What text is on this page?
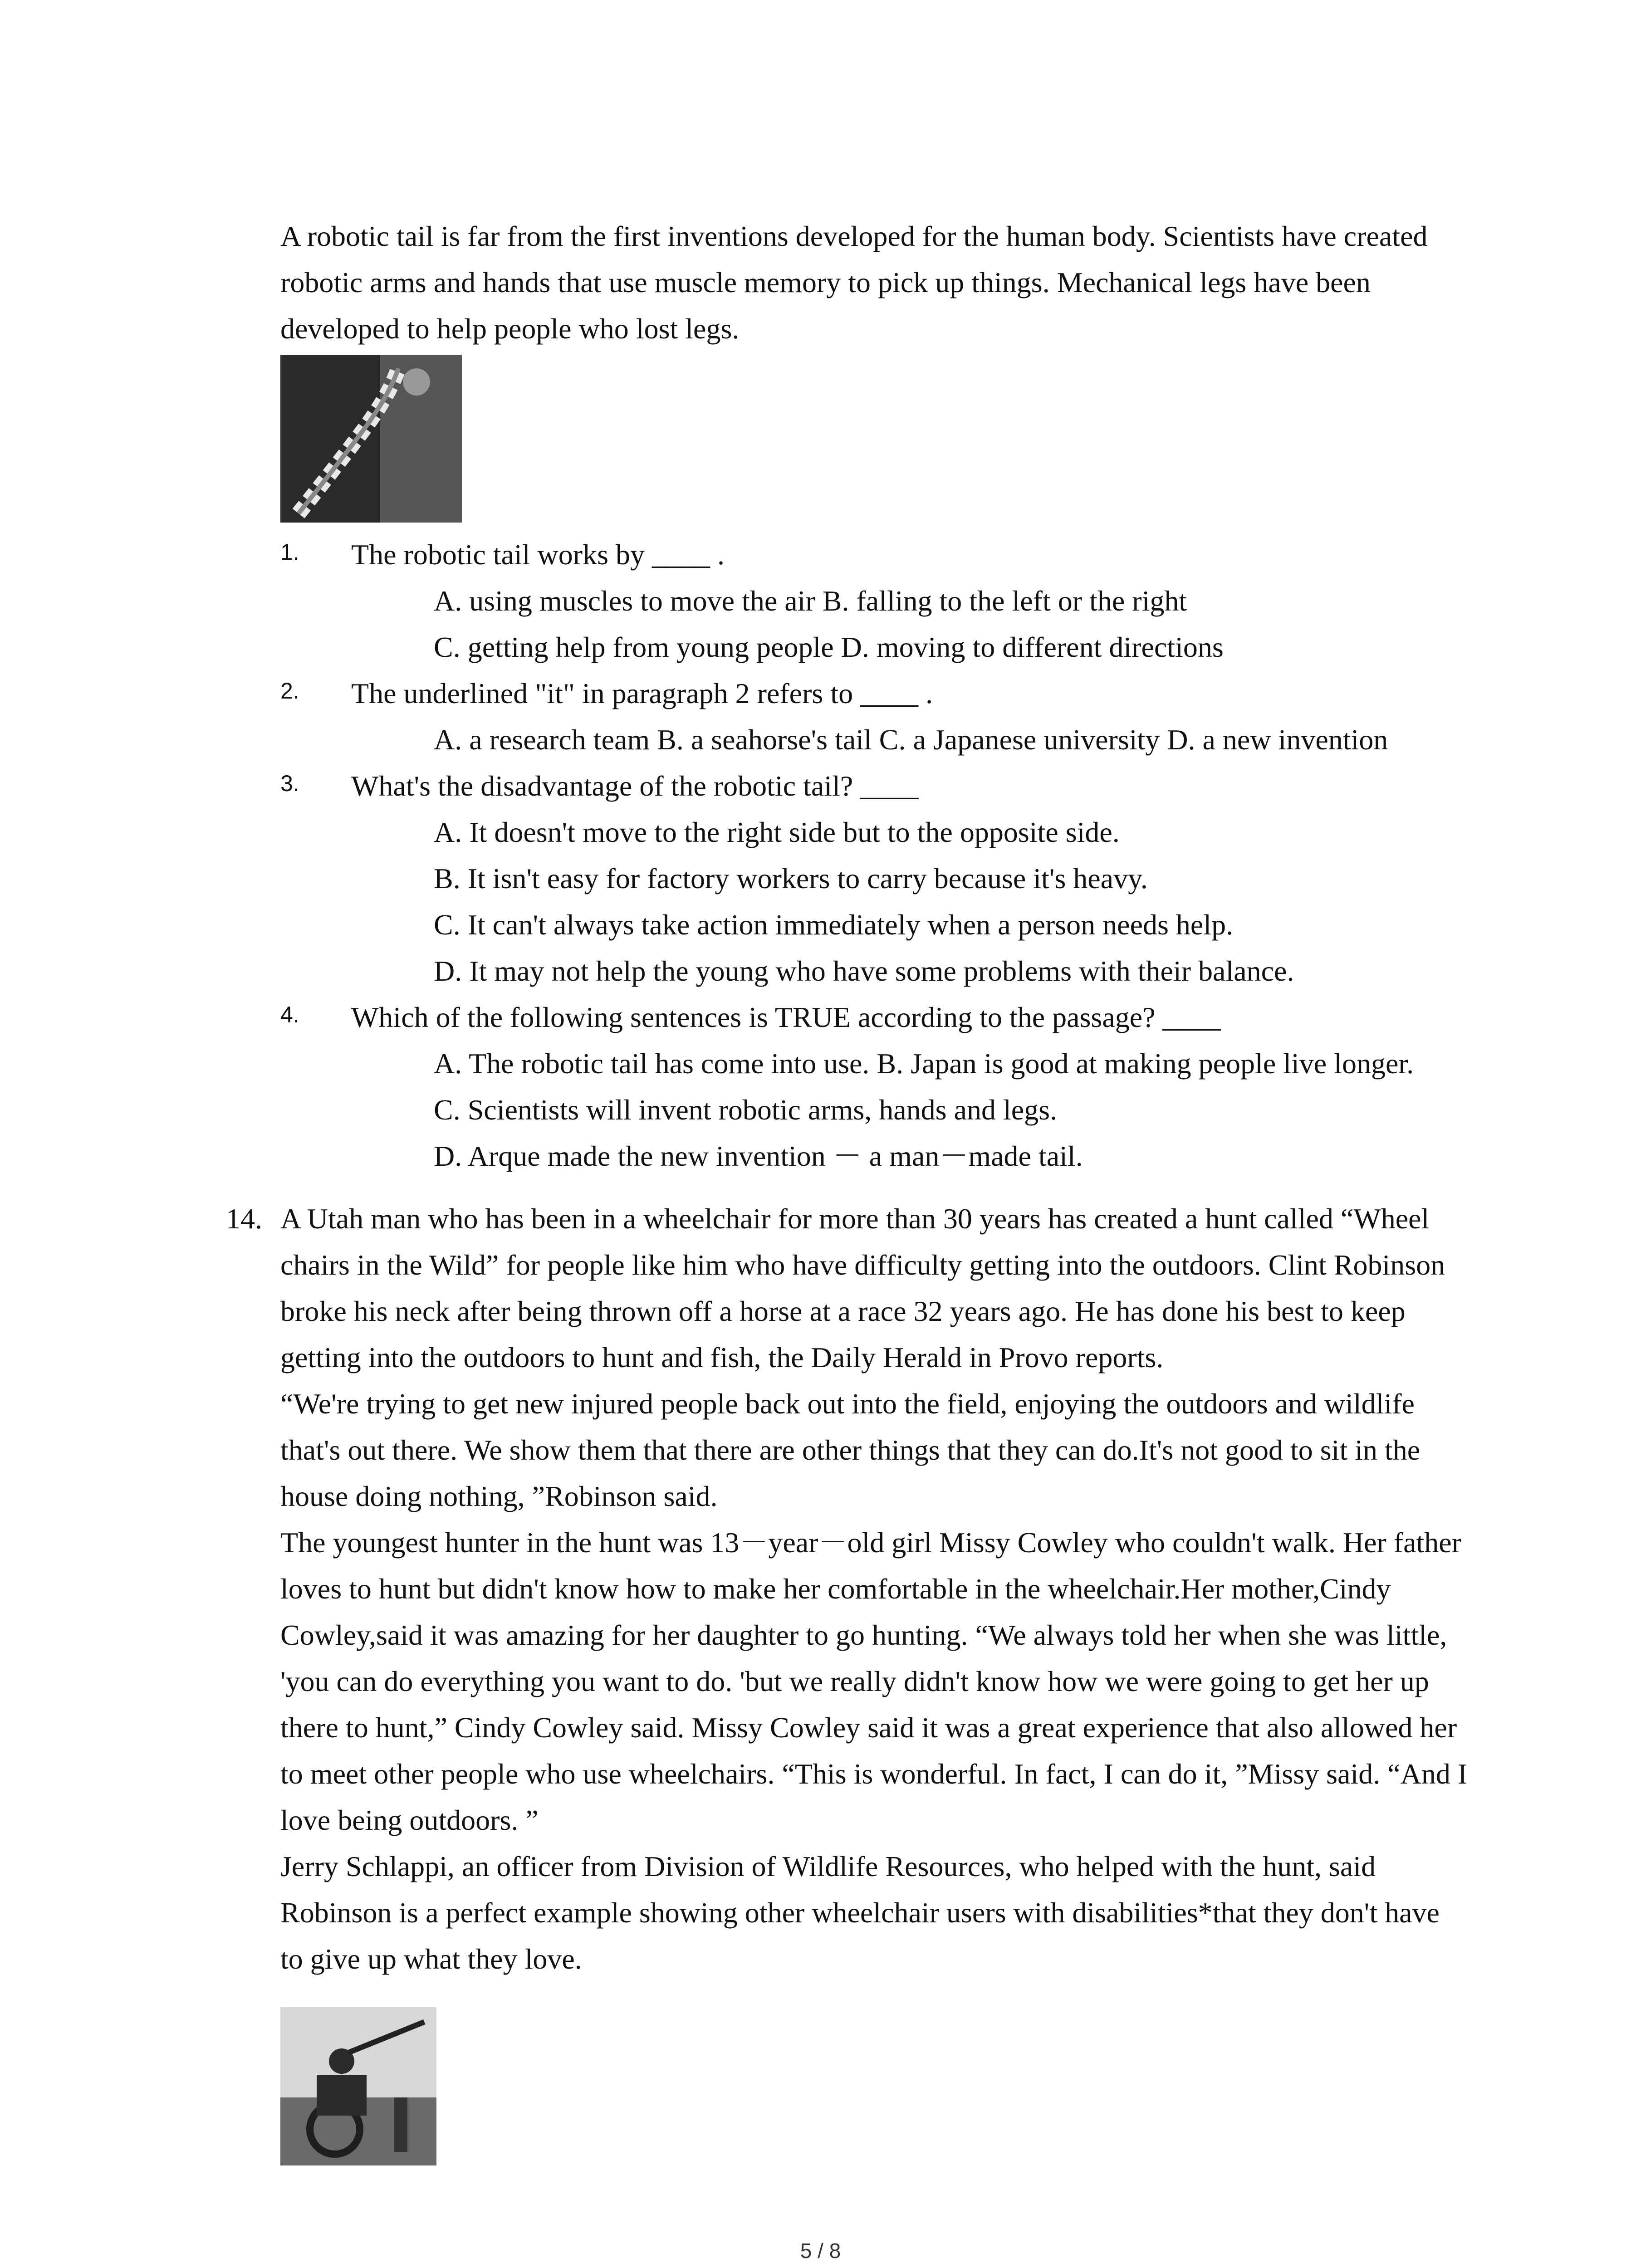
A robotic tail is far from the first inventions developed for the human body. Scientists have created robotic arms and hands that use muscle memory to pick up things. Mechanical legs have been developed to help people who lost legs.

1. The robotic tail works by ____ .
A. using muscles to move the air B. falling to the left or the right
C. getting help from young people D. moving to different directions
2. The underlined "it" in paragraph 2 refers to ____ .
A. a research team B. a seahorse's tail C. a Japanese university D. a new invention
3. What's the disadvantage of the robotic tail? ____
A. It doesn't move to the right side but to the opposite side.
B. It isn't easy for factory workers to carry because it's heavy.
C. It can't always take action immediately when a person needs help.
D. It may not help the young who have some problems with their balance.
4. Which of the following sentences is TRUE according to the passage? ____
A. The robotic tail has come into use. B. Japan is good at making people live longer.
C. Scientists will invent robotic arms, hands and legs.
D. Arque made the new invention － a man－made tail.
14. A Utah man who has been in a wheelchair for more than 30 years has created a hunt called “Wheel chairs in the Wild” for people like him who have difficulty getting into the outdoors. Clint Robinson broke his neck after being thrown off a horse at a race 32 years ago. He has done his best to keep getting into the outdoors to hunt and fish, the Daily Herald in Provo reports.

“We're trying to get new injured people back out into the field, enjoying the outdoors and wildlife that's out there. We show them that there are other things that they can do.It's not good to sit in the house doing nothing, ”Robinson said.

The youngest hunter in the hunt was 13－year－old girl Missy Cowley who couldn't walk. Her father loves to hunt but didn't know how to make her comfortable in the wheelchair.Her mother,Cindy Cowley,said it was amazing for her daughter to go hunting. “We always told her when she was little, 'you can do everything you want to do. 'but we really didn't know how we were going to get her up there to hunt,” Cindy Cowley said. Missy Cowley said it was a great experience that also allowed her to meet other people who use wheelchairs. “This is wonderful. In fact, I can do it, ”Missy said. “And I love being outdoors. ”

Jerry Schlappi, an officer from Division of Wildlife Resources, who helped with the hunt, said Robinson is a perfect example showing other wheelchair users with disabilities*that they don't have to give up what they love.

5 / 8
